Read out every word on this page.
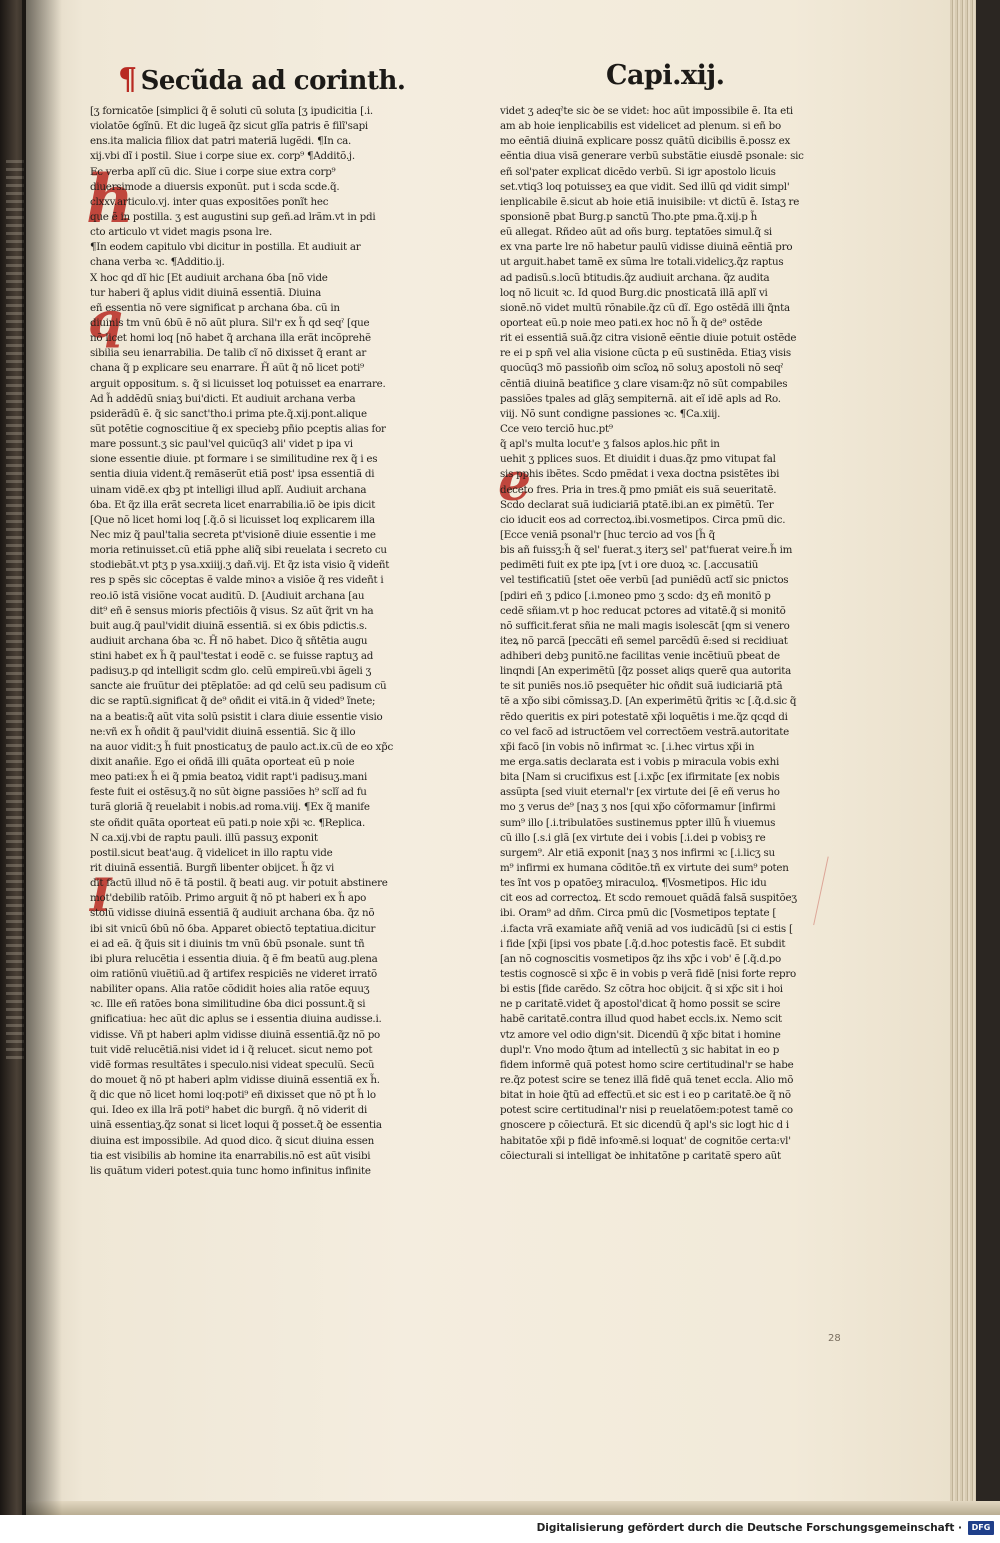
¶ Secũda ad corinth.	Capi.xij.
h
q
I
e
[ʒ fornicatõe [simplici q̃ ẽ soluti cũ soluta [ʒ ipudicitia [.i.
violatõe ỽgĩnũ. Et dic lugeã q̃z sicut glĩa patris ẽ filĩ'sapi
ens.ita malicia filiox dat patri materiã lugẽdi. ¶In ca.
xij.vbi dĩ i postil. Siue i corpe siue ex. corp⁹ ¶Additõ.j.
Ec verba aplĩ cũ dic. Siue i corpe siue extra corp⁹
diuersimode a diuersis exponũt. put i scda scde.q̃.
clxxv.articulo.vj. inter quas expositões ponĩt hec
que ẽ in postilla. ʒ est augustini sup geñ.ad lrãm.vt in pdi
cto articulo vt videt magis psona lre.
¶In eodem capitulo vbi dicitur in postilla. Et audiuit ar
chana verba ꝛc. ¶Additio.ij.
X hoc qd dĩ hic [Et audiuit archana ỽba [nõ vide
tur haberi q̃ aplus vidit diuinã essentiã. Diuina
eñ essentia nõ vere significat p archana ỽba. cũ in
diuinis tm vnũ ỽbũ ẽ nõ aũt plura. Sil'r ex h̃ qd seqˀ [que
nõ licet homi loq [nõ habet q̃ archana illa erãt incõprehẽ
sibilia seu ienarrabilia. De talib cĩ nõ dixisset q̃ erant ar
chana q̃ p explicare seu enarrare. H̃ aũt q̃ nõ licet poti⁹
arguit oppositum. s. q̃ si licuisset loq potuisset ea enarrare.
Ad h̃ addẽdũ sniaʒ bui'dicti. Et audiuit archana verba
psiderãdũ ẽ. q̃ sic sanct'tho.i prima pte.q̃.xij.pont.alique
sũt potẽtie cognoscitiue q̃ ex speciebꝫ pñio pceptis alias for
mare possunt.ʒ sic paul'vel quicũq3 ali' videt p ipa vi
sione essentie diuie. pt formare i se similitudine rex q̃ i es
sentia diuia vident.q̃ remãserũt etiã post' ipsa essentiã di
uinam vidẽ.ex qbꝫ pt intelligi illud aplĩ. Audiuit archana
ỽba. Et q̃z illa erãt secreta licet enarrabilia.iõ ꝺe ipis dicit
[Que nõ licet homi loq [.q̃.õ si licuisset loq explicarem illa
Nec miz q̃ paul'talia secreta pt'visionẽ diuie essentie i me
moria retinuisset.cũ etiã pphe aliq̃ sibi reuelata i secreto cu
stodiebãt.vt ptʒ p ysa.xxiiij.ʒ dañ.vij. Et q̃z ista visio q̃ videñt
res p spẽs sic cõceptas ẽ valde minoꝛ a visiõe q̃ res videñt i
reo.iõ istã visiõne vocat auditũ. D. [Audiuit archana [au
dit⁹ eñ ẽ sensus mioris pfectiõis q̃ visus. Sz aũt q̃rit vn ha
buit aug.q̃ paul'vidit diuinã essentiã. si ex ỽbis pdictis.s.
audiuit archana ỽba ꝛc. H̃ nõ habet. Dico q̃ sñtẽtia augu
stini habet ex h̃ q̃ paul'testat i eodẽ c. se fuisse raptuʒ ad
padisuʒ.p qd intelligit scdm glo. celũ empireũ.vbi ãgeli ʒ
sancte aie fruũtur dei ptẽplatõe: ad qd celũ seu padisum cũ
dic se raptũ.significat q̃ de⁹ oñdit ei vitã.in q̃ vided⁹ ĩnete;
na a beatis:q̃ aũt vita solũ psistit i clara diuie essentie visio
ne:vñ ex h̃ oñdit q̃ paul'vidit diuinã essentiã. Sic q̃ illo
na auoɾ vidit:ʒ h̃ fuit pnosticatuʒ de paulo act.ix.cũ de eo xp̃c
dixit anañie. Ego ei oñdã illi quãta oporteat eũ p noie
meo pati:ex h̃ ei q̃ pmia beatoꝝ vidit rapt'i padisuʒ.mani
feste fuit ei ostẽsuʒ.q̃ no sũt ꝺigne passiões h⁹ sclĩ ad fu
turã gloriã q̃ reuelabit i nobis.ad roma.viij. ¶Ex q̃ manife
ste oñdit quãta oporteat eũ pati.p noie xp̃i ꝛc. ¶Replica.
N ca.xij.vbi de raptu pauli. illũ passuʒ exponit
postil.sicut beat'aug. q̃ videlicet in illo raptu vide
rit diuinã essentiã. Burgñ libenter obijcet. h̃ q̃z vi
dit factũ illud nõ ẽ tã postil. q̃ beati aug. vir potuit abstinere
mot'debilib ratõib. Primo arguit q̃ nõ pt haberi ex h̃ apo
stolũ vidisse diuinã essentiã q̃ audiuit archana ỽba. q̃z nõ
ibi sit vnicũ ỽbũ nõ ỽba. Apparet obiectõ teptatiua.dicitur
ei ad eã. q̃ q̃uis sit i diuinis tm vnũ ỽbũ psonale. sunt tñ
ibi plura relucẽtia i essentia diuia. q̃ ẽ fm beatũ aug.plena
oim ratiõnũ viuẽtiũ.ad q̃ artifex respiciẽs ne videret irratõ
nabiliter opans. Alia ratõe cõdidit hoies alia ratõe equuʒ
ꝛc. Ille eñ ratões bona similitudine ỽba dici possunt.q̃ si
gnificatiua: hec aũt dic aplus se i essentia diuina audisse.i.
vidisse. Vñ pt haberi aplm vidisse diuinã essentiã.q̃z nõ po
tuit vidẽ relucẽtiã.nisi videt id i q̃ relucet. sicut nemo pot
vidẽ formas resultãtes i speculo.nisi videat speculũ. Secũ
do mouet q̃ nõ pt haberi aplm vidisse diuinã essentiã ex h̃.
q̃ dic que nõ licet homi loq:poti⁹ eñ dixisset que nõ pt h̃ lo
qui. Ideo ex illa lrã poti⁹ habet dic burgñ. q̃ nõ viderit di
uinã essentiaʒ.q̃z sonat si licet loqui q̃ posset.q̃ ꝺe essentia
diuina est impossibile. Ad quod dico. q̃ sicut diuina essen
tia est visibilis ab homine ita enarrabilis.nõ est aũt visibi
lis quãtum videri potest.quia tunc homo infinitus infinite
videt ʒ adeqˀte sic ꝺe se videt: hoc aũt impossibile ẽ. Ita eti
am ab hoie ienplicabilis est videlicet ad plenum. si eñ bo
mo eẽntiã diuinã explicare possz quãtũ dicibilis ẽ.possz ex
eẽntia diua visã generare verbũ substãtie eiusdẽ psonale: sic
eñ sol'pater explicat dicẽdo verbũ. Si igr apostolo licuis
set.vtiq3 loq potuisseʒ ea que vidit. Sed illũ qd vidit simpl'
ienplicabile ẽ.sicut ab hoie etiã inuisibile: vt dictũ ẽ. Istaʒ re
sponsionẽ pbat Burg.p sanctũ Tho.pte pma.q̃.xij.p h̃
eũ allegat. Rñdeo aũt ad oñs burg. teptatões simul.q̃ si
ex vna parte lre nõ habetur paulũ vidisse diuinã eẽntiã pro
ut arguit.habet tamẽ ex sũma lre totali.videlicʒ.q̃z raptus
ad padisũ.s.locũ btitudis.q̃z audiuit archana. q̃z audita
loq nõ licuit ꝛc. Id quod Burg.dic pnosticatã illã aplĩ vi
sionẽ.nõ videt multũ rõnabile.q̃z cũ dĩ. Ego ostẽdã illi q̃nta
oporteat eũ.p noie meo pati.ex hoc nõ h̃ q̃ de⁹ ostẽde
rit ei essentiã suã.q̃z citra visionẽ eẽntie diuie potuit ostẽde
re ei p spñ vel alia visione cũcta p eũ sustinẽda. Etiaʒ visis
quocũq3 mõ passioñb oim scĩoꝝ nõ soluʒ apostoli nõ seqˀ
cẽntiã diuinã beatifice ʒ clare visam:q̃z nõ sũt compabiles
passiões tpales ad glãʒ sempiternã. ait eĩ idẽ apls ad Ro.
viij. Nõ sunt condigne passiones ꝛc. ¶Ca.xiij.
Cce veɪo terciõ huc.pt⁹
q̃ apl's multa locut'e ʒ falsos aplos.hic pñt in
uehit ʒ pplices suos. Et diuidit i duas.q̃z pmo vitupat fal
sis pphis ibẽtes. Scdo pmẽdat i vexa doctna psistẽtes ibi
deceto fres. Pria in tres.q̃ pmo pmiãt eis suã seueritatẽ.
Scdo declarat suã iudiciariã ptatẽ.ibi.an ex pimẽtũ. Ter
cio iducit eos ad correctoꝝ.ibi.vosmetipos. Circa pmũ dic.
[Ecce veniã psonal'r [huc tercio ad vos [h̃ q̃
bis añ fuissʒ:h̃ q̃ sel' fuerat.ʒ iterʒ sel' pat'fuerat veire.h̃ im
pedimẽti fuit ex pte ipꝝ [vt i ore duoꝝ ꝛc. [.accusatiũ
vel testificatiũ [stet oẽe verbũ [ad puniẽdũ actĩ sic pnictos
[pdiri eñ ʒ pdico [.i.moneo pmo ʒ scdo: dʒ eñ monitõ p
cedẽ sñiam.vt p hoc reducat pctores ad vitatẽ.q̃ si monitõ
nõ sufficit.ferat sñia ne mali magis isolescãt [qm si venero
iteꝝ nõ parcã [peccãti eñ semel parcẽdũ ẽ:sed si recidiuat
adhiberi debꝫ punitõ.ne facilitas venie incẽtiuũ pbeat de
linqndi [An experimẽtũ [q̃z posset aliqs querẽ qua autorita
te sit puniẽs nos.iõ psequẽter hic oñdit suã iudiciariã ptã
tẽ a xp̃o sibi cõmissaʒ.D. [An experimẽtũ q̃ritis ꝛc [.q̃.d.sic q̃
rẽdo queritis ex piri potestatẽ xp̃i loquẽtis i me.q̃z qcqd di
co vel facõ ad istructõem vel correctõem vestrã.autoritate
xp̃i facõ [in vobis nõ infirmat ꝛc. [.i.hec virtus xp̃i in
me erga.satis declarata est i vobis p miracula vobis exhi
bita [Nam si crucifixus est [.i.xp̃c [ex ifirmitate [ex nobis
assũpta [sed viuit eternal'r [ex virtute dei [ẽ eñ verus ho
mo ʒ verus de⁹ [naʒ ʒ nos [qui xp̃o cõformamur [infirmi
sum⁹ illo [.i.tribulatões sustinemus ppter illũ h̃ viuemus
cũ illo [.s.i glã [ex virtute dei i vobis [.i.dei p vobisʒ re
surgem⁹. Alr etiã exponit [naʒ ʒ nos infirmi ꝛc [.i.licʒ su
m⁹ infirmi ex humana cõditõe.tñ ex virtute dei sum⁹ poten
tes ĩnt vos p opatõeʒ miraculoꝝ. ¶Vosmetipos. Hic idu
cit eos ad correctoꝝ. Et scdo remouet quãdã falsã suspitõeʒ
ibi. Oram⁹ ad dñm. Circa pmũ dic [Vosmetipos teptate [
.i.facta vrã examiate añq̃ veniã ad vos iudicãdũ [si ci estis [
i fide [xp̃i [ipsi vos pbate [.q̃.d.hoc potestis facẽ. Et subdit
[an nõ cognoscitis vosmetipos q̃z ihs xp̃c i vob' ẽ [.q̃.d.po
testis cognoscẽ si xp̃c ẽ in vobis p verã fidẽ [nisi forte repro
bi estis [fide carẽdo. Sz cõtra hoc obijcit. q̃ si xp̃c sit i hoi
ne p caritatẽ.videt q̃ apostol'dicat q̃ homo possit se scire
habẽ caritatẽ.contra illud quod habet eccls.ix. Nemo scit
vtz amore vel odio dign'sit. Dicendũ q̃ xp̃c bitat i homine
dupl'r. Vno modo q̃tum ad intellectũ ʒ sic habitat in eo p
fidem informẽ quã potest homo scire certitudinal'r se habe
re.q̃z potest scire se tenez illã fidẽ quã tenet eccla. Alio mõ
bitat in hoie q̃tũ ad effectũ.et sic est i eo p caritatẽ.ꝺe q̃ nõ
potest scire certitudinal'r nisi p reuelatõem:potest tamẽ co
gnoscere p cõiecturã. Et sic dicendũ q̃ apl's sic logt hic d i
habitatõe xp̃i p fidẽ infoꝛmẽ.si loquat' de cognitõe certa:vl'
cõiecturali si intelligat ꝺe inhitatõne p caritatẽ spero aũt
28
Digitalisierung gefördert durch die Deutsche Forschungsgemeinschaft ·	DFG
